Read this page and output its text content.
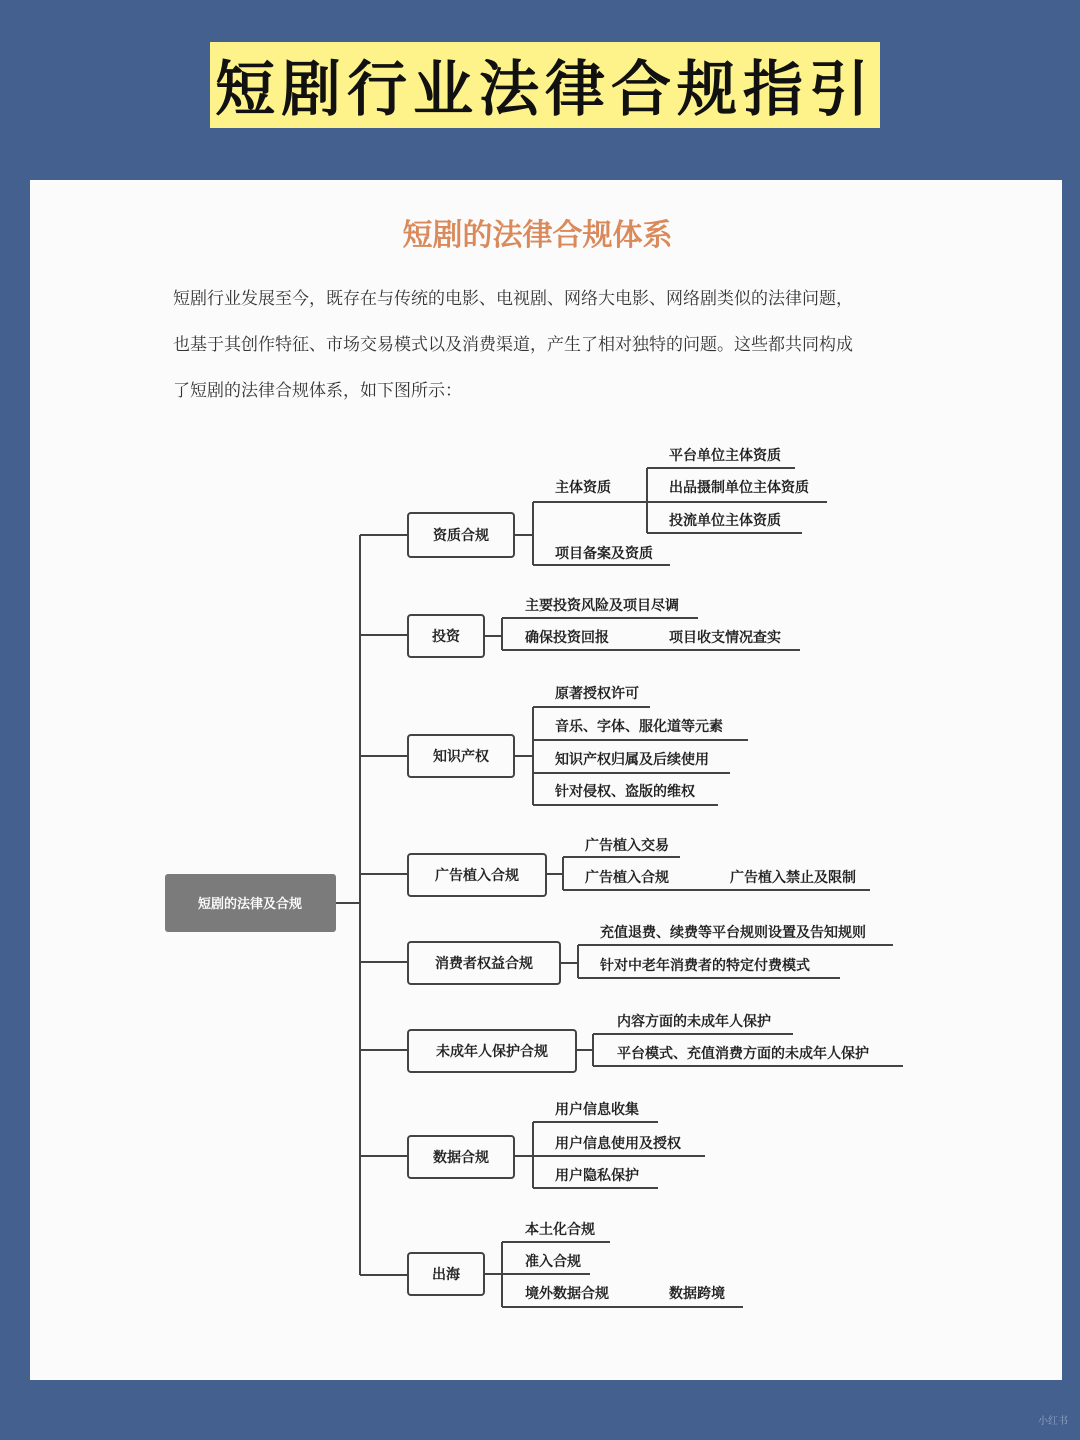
短剧行业法律合规指引
短剧的法律合规体系

短剧行业发展至今，既存在与传统的电影、电视剧、网络大电影、网络剧类似的法律问题，

也基于其创作特征、市场交易模式以及消费渠道，产生了相对独特的问题。这些都共同构成

了短剧的法律合规体系，如下图所示：

短剧的法律及合规
资质合规
主体资质
项目备案及资质
平台单位主体资质
出品摄制单位主体资质
投流单位主体资质
投资
主要投资风险及项目尽调
确保投资回报	项目收支情况查实
知识产权
原著授权许可
音乐、字体、服化道等元素
知识产权归属及后续使用
针对侵权、盗版的维权
广告植入合规
广告植入交易
广告植入合规	广告植入禁止及限制
消费者权益合规
充值退费、续费等平台规则设置及告知规则
针对中老年消费者的特定付费模式
未成年人保护合规
内容方面的未成年人保护
平台模式、充值消费方面的未成年人保护
数据合规
用户信息收集
用户信息使用及授权
用户隐私保护
出海
本土化合规
准入合规
境外数据合规	数据跨境
小红书
